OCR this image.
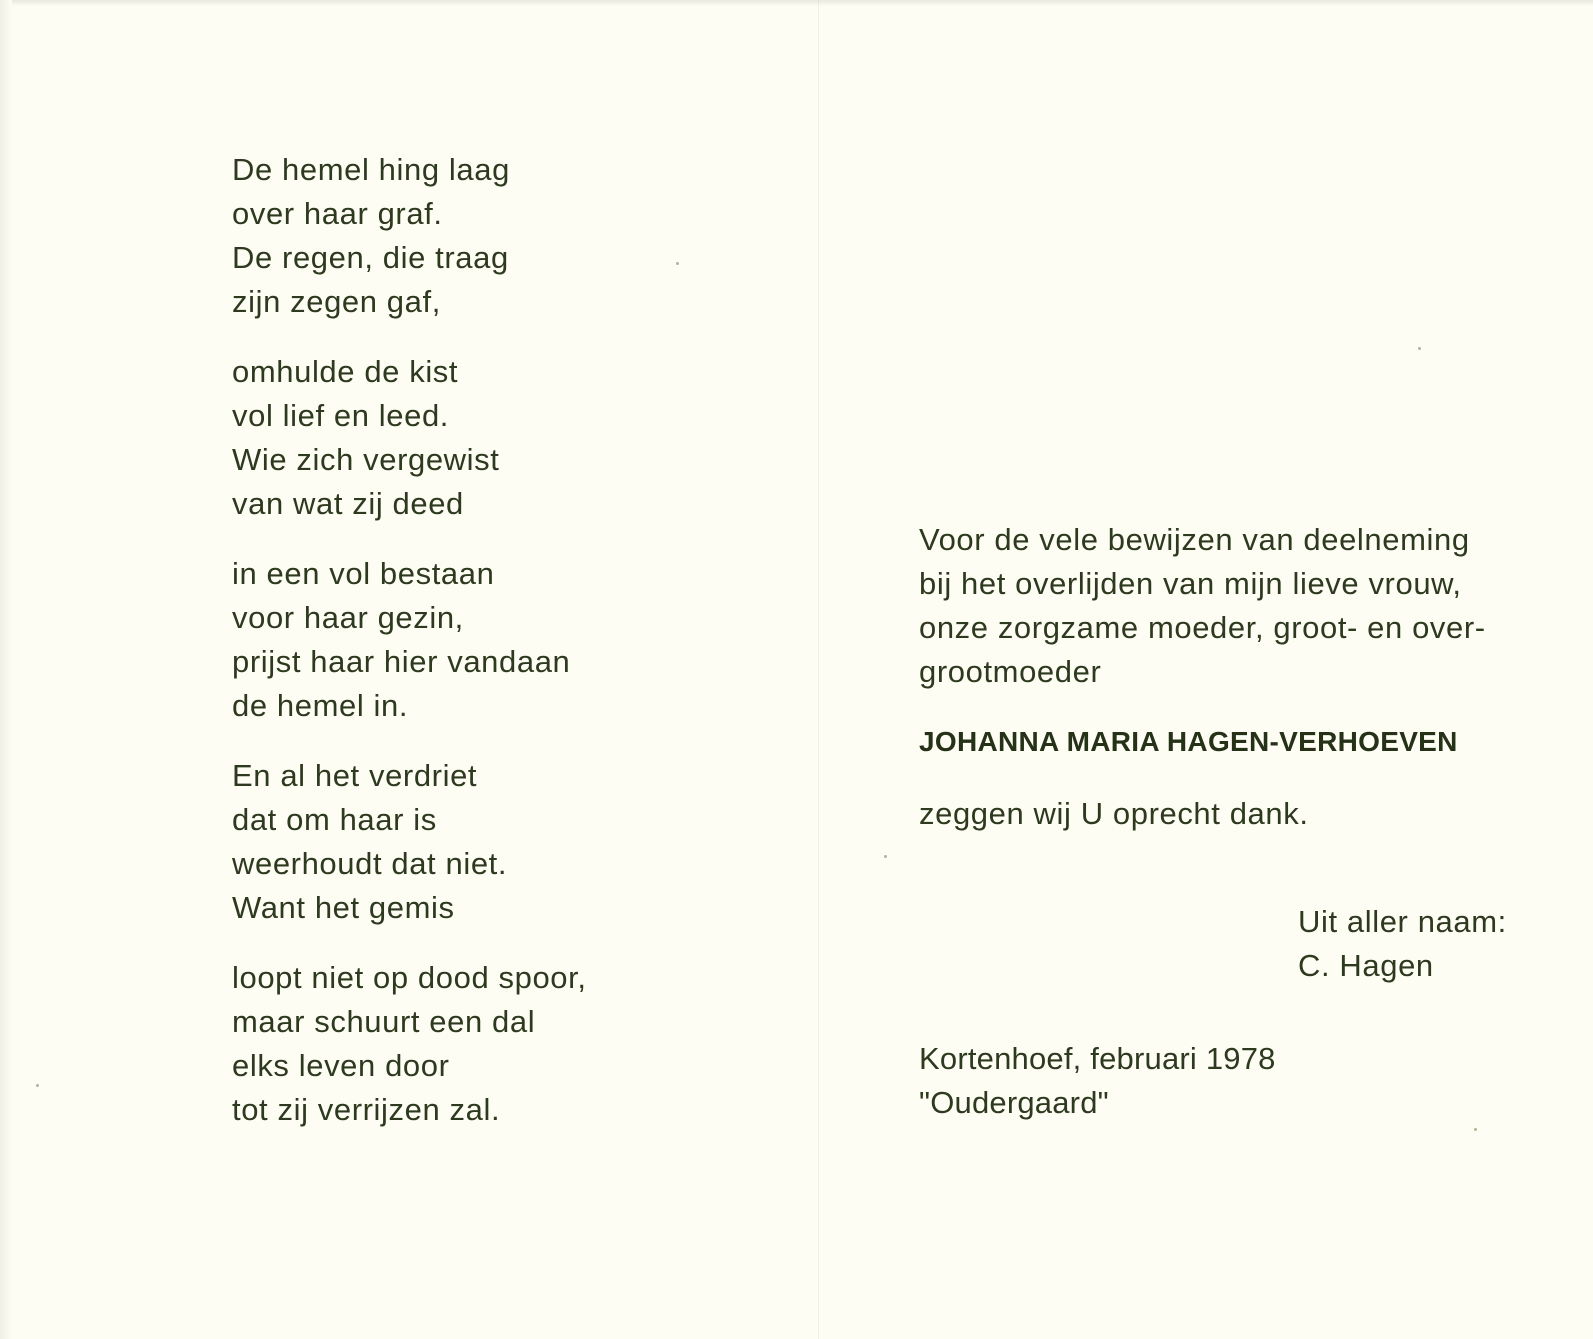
De hemel hing laag
over haar graf.
De regen, die traag
zijn zegen gaf,
omhulde de kist
vol lief en leed.
Wie zich vergewist
van wat zij deed
in een vol bestaan
voor haar gezin,
prijst haar hier vandaan
de hemel in.
En al het verdriet
dat om haar is
weerhoudt dat niet.
Want het gemis
loopt niet op dood spoor,
maar schuurt een dal
elks leven door
tot zij verrijzen zal.
Voor de vele bewijzen van deelneming
bij het overlijden van mijn lieve vrouw,
onze zorgzame moeder, groot- en over-
grootmoeder
JOHANNA MARIA HAGEN-VERHOEVEN
zeggen wij U oprecht dank.
Uit aller naam:
C. Hagen
Kortenhoef, februari 1978
"Oudergaard"
